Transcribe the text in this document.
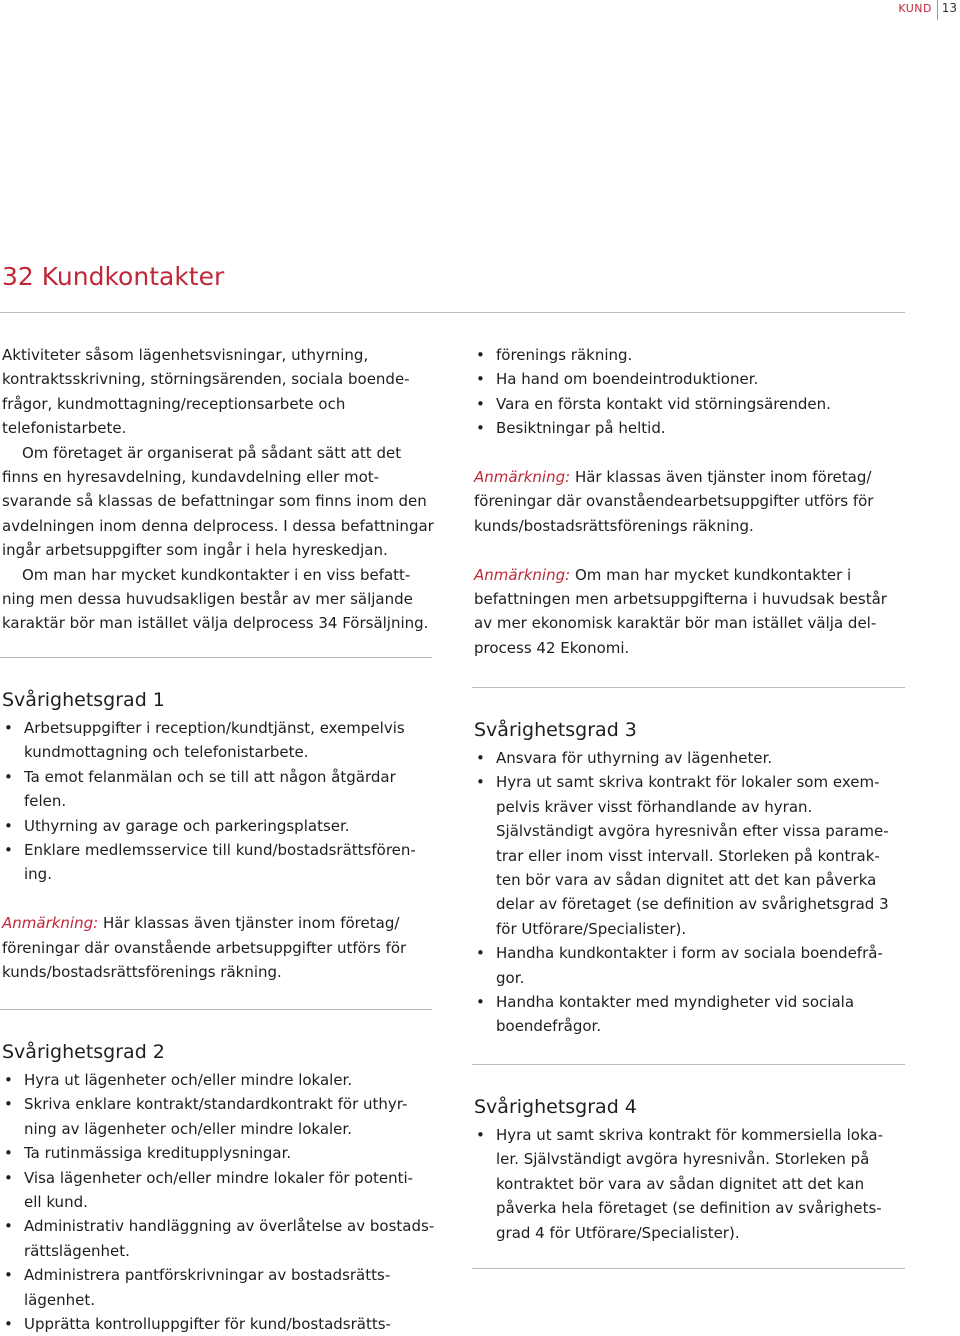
KUND 13
32 Kundkontakter

Aktiviteter såsom lägenhetsvisningar, uthyrning,

kontraktsskrivning, störningsärenden, sociala boende-

frågor, kundmottagning/receptionsarbete och

telefonistarbete.

Om företaget är organiserat på sådant sätt att det

finns en hyresavdelning, kundavdelning eller mot-

svarande så klassas de befattningar som finns inom den

avdelningen inom denna delprocess. I dessa befattningar

ingår arbetsuppgifter som ingår i hela hyreskedjan.

Om man har mycket kundkontakter i en viss befatt-

ning men dessa huvudsakligen består av mer säljande

karaktär bör man istället välja delprocess 34 Försäljning.

Svårighetsgrad 1

• Arbetsuppgifter i reception/kundtjänst, exempelvis

kundmottagning och telefonistarbete.

• Ta emot felanmälan och se till att någon åtgärdar

felen.

• Uthyrning av garage och parkeringsplatser.

• Enklare medlemsservice till kund/bostadsrättsfören-

ing.

Anmärkning: Här klassas även tjänster inom företag/

föreningar där ovanstående arbetsuppgifter utförs för

kunds/bostadsrättsförenings räkning.

Svårighetsgrad 2

• Hyra ut lägenheter och/eller mindre lokaler.

• Skriva enklare kontrakt/standardkontrakt för uthyr-

ning av lägenheter och/eller mindre lokaler.

• Ta rutinmässiga kreditupplysningar.

• Visa lägenheter och/eller mindre lokaler för potenti-

ell kund.

• Administrativ handläggning av överlåtelse av bostads-

rättslägenhet.

• Administrera pantförskrivningar av bostadsrätts-

lägenhet.

• Upprätta kontrolluppgifter för kund/bostadsrätts-

• förenings räkning.

• Ha hand om boendeintroduktioner.

• Vara en första kontakt vid störningsärenden.

• Besiktningar på heltid.

Anmärkning: Här klassas även tjänster inom företag/

föreningar där ovanståendearbetsuppgifter utförs för

kunds/bostadsrättsförenings räkning.

Anmärkning: Om man har mycket kundkontakter i

befattningen men arbetsuppgifterna i huvudsak består

av mer ekonomisk karaktär bör man istället välja del-

process 42 Ekonomi.

Svårighetsgrad 3

• Ansvara för uthyrning av lägenheter.

• Hyra ut samt skriva kontrakt för lokaler som exem-

pelvis kräver visst förhandlande av hyran.

Självständigt avgöra hyresnivån efter vissa parame-

trar eller inom visst intervall. Storleken på kontrak-

ten bör vara av sådan dignitet att det kan påverka

delar av företaget (se definition av svårighetsgrad 3

för Utförare/Specialister).

• Handha kundkontakter i form av sociala boendefrå-

gor.

• Handha kontakter med myndigheter vid sociala

boendefrågor.

Svårighetsgrad 4

• Hyra ut samt skriva kontrakt för kommersiella loka-

ler. Självständigt avgöra hyresnivån. Storleken på

kontraktet bör vara av sådan dignitet att det kan

påverka hela företaget (se definition av svårighets-

grad 4 för Utförare/Specialister).
